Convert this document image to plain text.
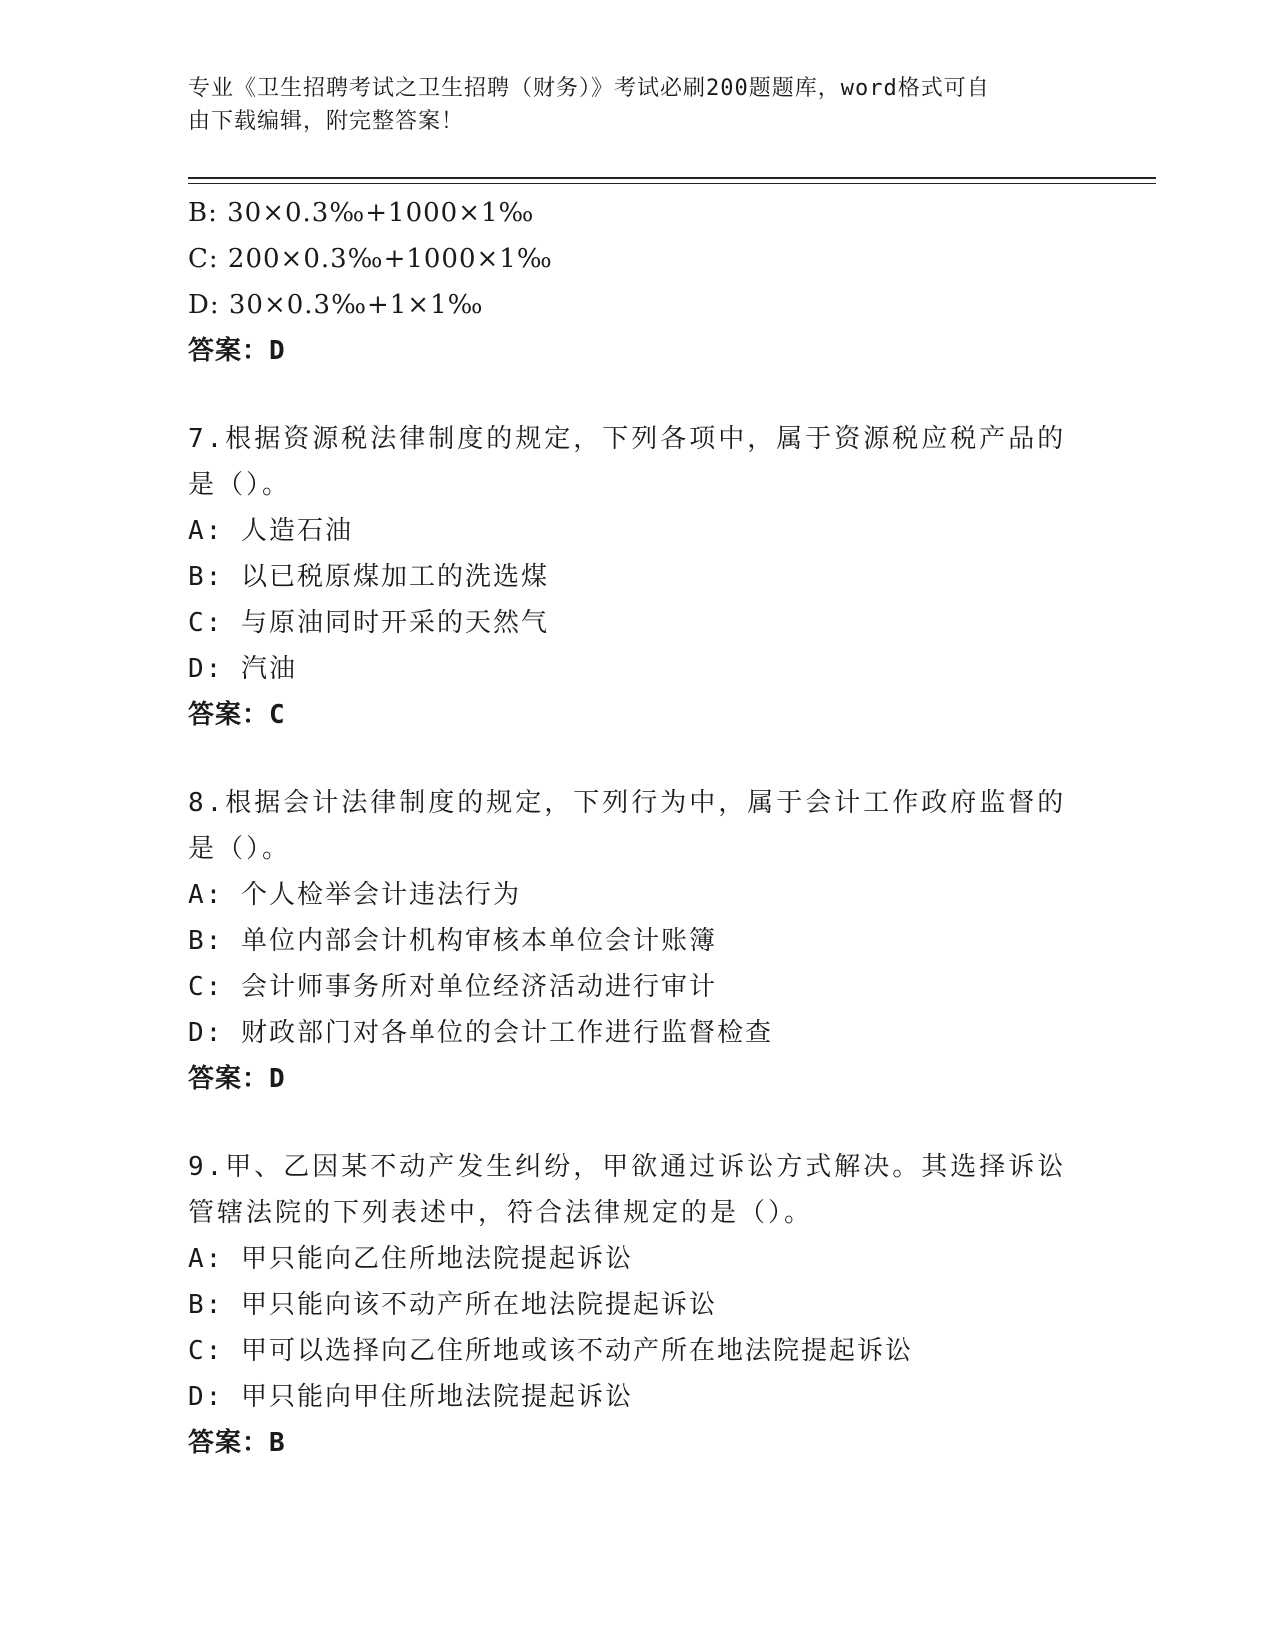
专业《卫生招聘考试之卫生招聘（财务）》考试必刷200题题库，word格式可自
由下载编辑，附完整答案！
B: 30×0.3‰+1000×1‰
C: 200×0.3‰+1000×1‰
D: 30×0.3‰+1×1‰
答案：D
7.根据资源税法律制度的规定，下列各项中，属于资源税应税产品的
是（）。
A: 人造石油
B: 以已税原煤加工的洗选煤
C: 与原油同时开采的天然气
D: 汽油
答案：C
8.根据会计法律制度的规定，下列行为中，属于会计工作政府监督的
是（）。
A: 个人检举会计违法行为
B: 单位内部会计机构审核本单位会计账簿
C: 会计师事务所对单位经济活动进行审计
D: 财政部门对各单位的会计工作进行监督检查
答案：D
9.甲、乙因某不动产发生纠纷，甲欲通过诉讼方式解决。其选择诉讼
管辖法院的下列表述中，符合法律规定的是（）。
A: 甲只能向乙住所地法院提起诉讼
B: 甲只能向该不动产所在地法院提起诉讼
C: 甲可以选择向乙住所地或该不动产所在地法院提起诉讼
D: 甲只能向甲住所地法院提起诉讼
答案：B
